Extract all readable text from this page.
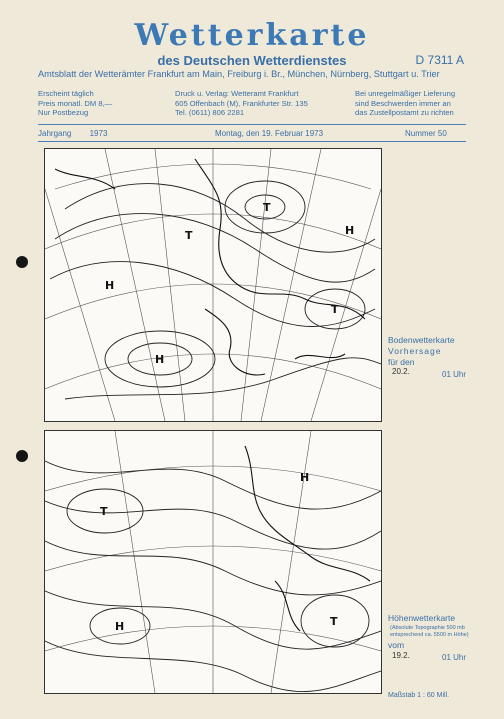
Wetterkarte
des Deutschen Wetterdienstes	D 7311 A
Amtsblatt der Wetterämter Frankfurt am Main, Freiburg i. Br., München, Nürnberg, Stuttgart u. Trier
Erscheint täglich
Preis monatl. DM 8,—
Nur Postbezug
Druck u. Verlag: Wetteramt Frankfurt
605 Offenbach (M), Frankfurter Str. 135
Tel. (0611) 806 2281
Bei unregelmäßiger Lieferung
sind Beschwerden immer an
das Zustellpostamt zu richten
Jahrgang 1973	Montag, den 19. Februar 1973	Nummer 50
H
T
H
T
H
T
Bodenwetterkarte
Vorhersage
für den
20.2.	01 Uhr
H
T
T
H
Höhenwetterkarte
(Absolute Topographie 500 mb
entsprechend ca. 5500 m Höhe)
vom
19.2.	01 Uhr
Maßstab 1 : 60 Mill.
